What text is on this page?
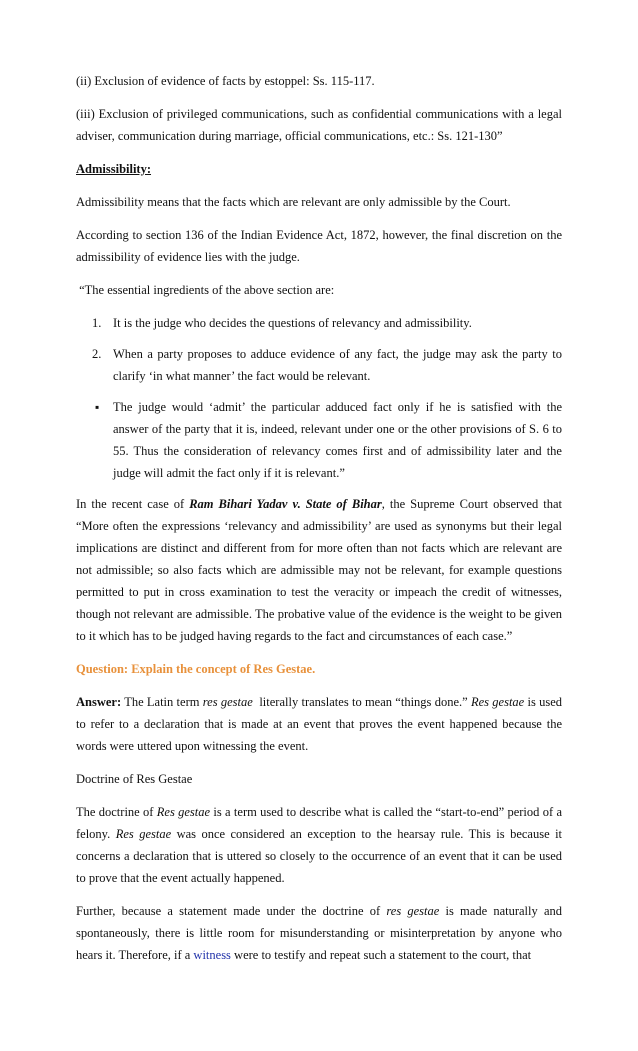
(ii) Exclusion of evidence of facts by estoppel: Ss. 115-117.

(iii) Exclusion of privileged communications, such as confidential communications with a legal adviser, communication during marriage, official communications, etc.: Ss. 121-130”

Admissibility:

Admissibility means that the facts which are relevant are only admissible by the Court.

According to section 136 of the Indian Evidence Act, 1872, however, the final discretion on the admissibility of evidence lies with the judge.

“The essential ingredients of the above section are:

1. It is the judge who decides the questions of relevancy and admissibility.
2. When a party proposes to adduce evidence of any fact, the judge may ask the party to clarify ‘in what manner’ the fact would be relevant.
▪ The judge would ‘admit’ the particular adduced fact only if he is satisfied with the answer of the party that it is, indeed, relevant under one or the other provisions of S. 6 to 55. Thus the consideration of relevancy comes first and of admissibility later and the judge will admit the fact only if it is relevant.”

In the recent case of Ram Bihari Yadav v. State of Bihar, the Supreme Court observed that “More often the expressions ‘relevancy and admissibility’ are used as synonyms but their legal implications are distinct and different from for more often than not facts which are relevant are not admissible; so also facts which are admissible may not be relevant, for example questions permitted to put in cross examination to test the veracity or impeach the credit of witnesses, though not relevant are admissible. The probative value of the evidence is the weight to be given to it which has to be judged having regards to the fact and circumstances of each case.”

Question: Explain the concept of Res Gestae.

Answer: The Latin term res gestae  literally translates to mean “things done.” Res gestae is used to refer to a declaration that is made at an event that proves the event happened because the words were uttered upon witnessing the event.

Doctrine of Res Gestae

The doctrine of Res gestae is a term used to describe what is called the “start-to-end” period of a felony. Res gestae was once considered an exception to the hearsay rule. This is because it concerns a declaration that is uttered so closely to the occurrence of an event that it can be used to prove that the event actually happened.

Further, because a statement made under the doctrine of res gestae is made naturally and spontaneously, there is little room for misunderstanding or misinterpretation by anyone who hears it. Therefore, if a witness were to testify and repeat such a statement to the court, that
